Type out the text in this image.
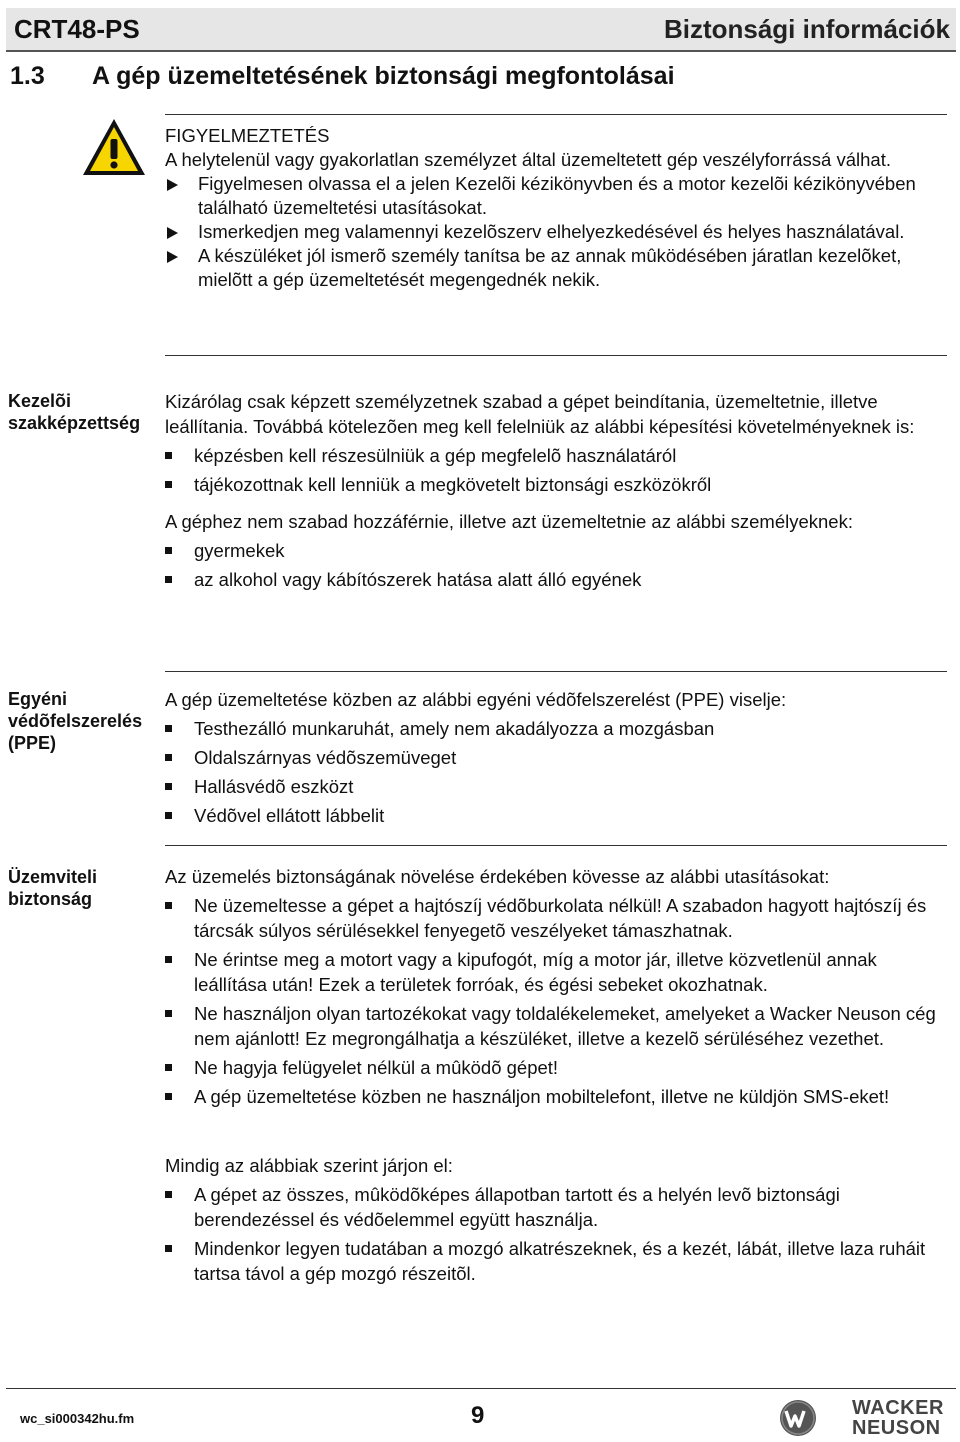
CRT48-PS	Biztonsági információk
1.3 A gép üzemeltetésének biztonsági megfontolásai

FIGYELMEZTETÉS

A helytelenül vagy gyakorlatlan személyzet által üzemeltetett gép veszélyforrássá válhat.

Figyelmesen olvassa el a jelen Kezelõi kézikönyvben és a motor kezelõi kézikönyvében található üzemeltetési utasításokat.
Ismerkedjen meg valamennyi kezelõszerv elhelyezkedésével és helyes használatával.
A készüléket jól ismerõ személy tanítsa be az annak mûködésében járatlan kezelõket, mielõtt a gép üzemeltetését megengednék nekik.
Kezelõi szakképzettség

Kizárólag csak képzett személyzetnek szabad a gépet beindítania, üzemeltetnie, illetve leállítania. Továbbá kötelezõen meg kell felelniük az alábbi képesítési követelményeknek is:

képzésben kell részesülniük a gép megfelelõ használatáról
tájékozottnak kell lenniük a megkövetelt biztonsági eszközökről

A géphez nem szabad hozzáférnie, illetve azt üzemeltetnie az alábbi személyeknek:

gyermekek
az alkohol vagy kábítószerek hatása alatt álló egyének
Egyéni védõfelszerelés (PPE)

A gép üzemeltetése közben az alábbi egyéni védõfelszerelést (PPE) viselje:

Testhezálló munkaruhát, amely nem akadályozza a mozgásban
Oldalszárnyas védõszemüveget
Hallásvédõ eszközt
Védõvel ellátott lábbelit
Üzemviteli biztonság

Az üzemelés biztonságának növelése érdekében kövesse az alábbi utasításokat:

Ne üzemeltesse a gépet a hajtószíj védõburkolata nélkül! A szabadon hagyott hajtószíj és tárcsák súlyos sérülésekkel fenyegetõ veszélyeket támaszhatnak.
Ne érintse meg a motort vagy a kipufogót, míg a motor jár, illetve közvetlenül annak leállítása után! Ezek a területek forróak, és égési sebeket okozhatnak.
Ne használjon olyan tartozékokat vagy toldalékelemeket, amelyeket a Wacker Neuson cég nem ajánlott! Ez megrongálhatja a készüléket, illetve a kezelõ sérüléséhez vezethet.
Ne hagyja felügyelet nélkül a mûködõ gépet!
A gép üzemeltetése közben ne használjon mobiltelefont, illetve ne küldjön SMS-eket!

Mindig az alábbiak szerint járjon el:

A gépet az összes, mûködõképes állapotban tartott és a helyén levõ biztonsági berendezéssel és védõelemmel együtt használja.
Mindenkor legyen tudatában a mozgó alkatrészeknek, és a kezét, lábát, illetve laza ruháit tartsa távol a gép mozgó részeitõl.
wc_si000342hu.fm	9	WACKER
NEUSON
